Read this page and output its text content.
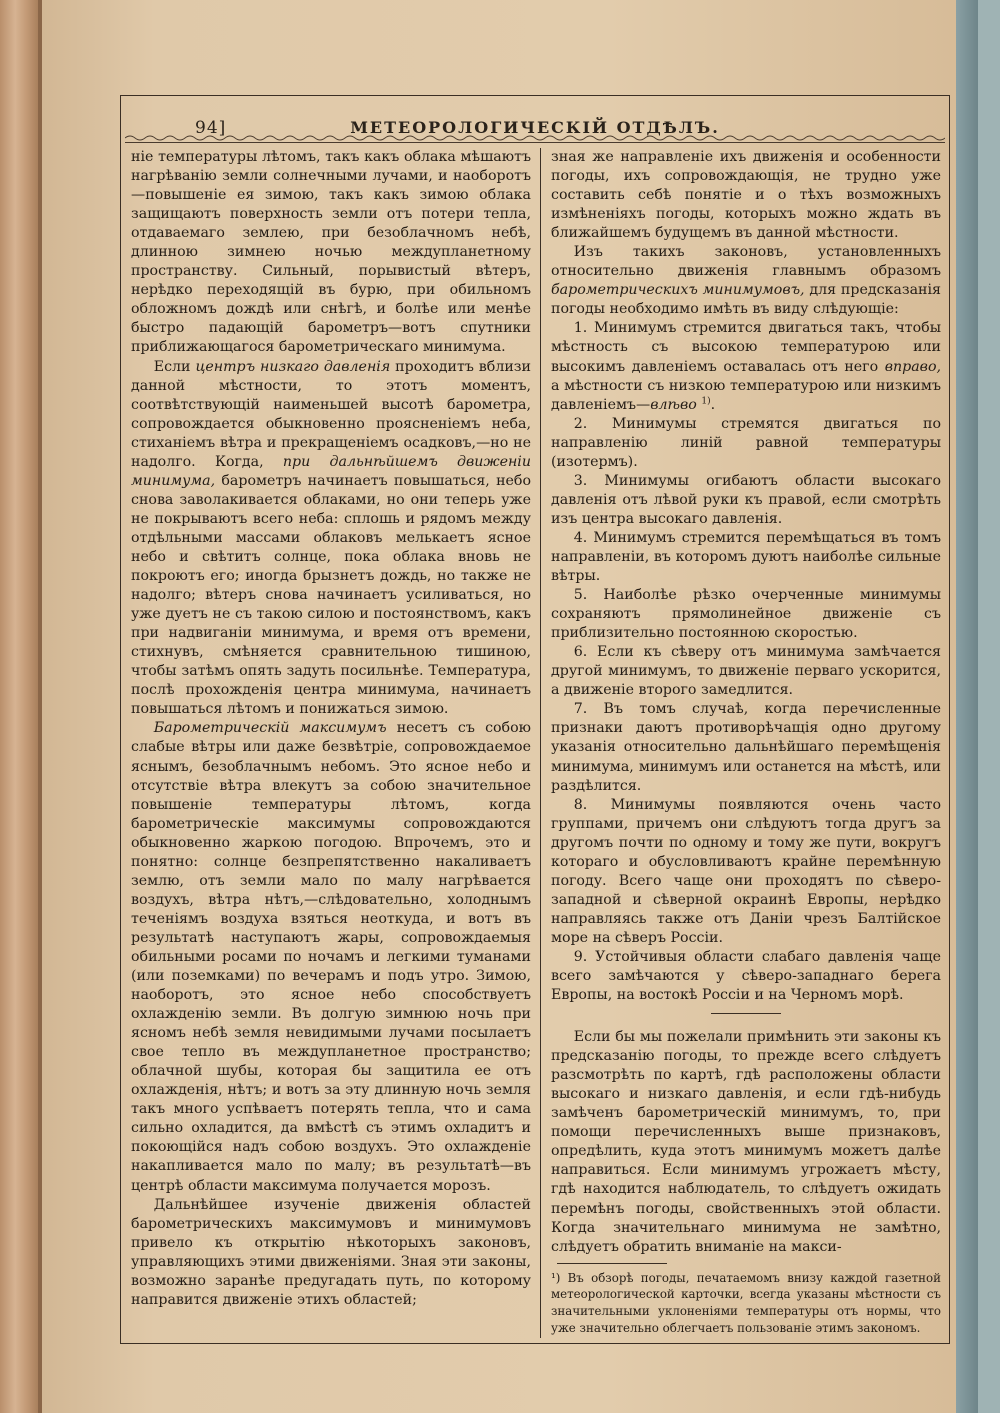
94]	МЕТЕОРОЛОГИЧЕСКІЙ ОТДѢЛЪ.

ніе температуры лѣтомъ, такъ какъ облака мѣшаютъ нагрѣванію земли солнечными лучами, и наоборотъ—повышеніе ея зимою, такъ какъ зимою облака защищаютъ поверхность земли отъ потери тепла, отдаваемаго землею, при безоблачномъ небѣ, длинною зимнею ночью междупланетному пространству. Сильный, порывистый вѣтеръ, нерѣдко переходящій въ бурю, при обильномъ обложномъ дождѣ или снѣгѣ, и болѣе или менѣе быстро падающій барометръ—вотъ спутники приближающагося барометрическаго минимума.

Если центръ низкаго давленія проходитъ вблизи данной мѣстности, то этотъ моментъ, соотвѣтствующій наименьшей высотѣ барометра, сопровождается обыкновенно проясненіемъ неба, стиханіемъ вѣтра и прекращеніемъ осадковъ,—но не надолго. Когда, при дальнѣйшемъ движеніи минимума, барометръ начинаетъ повышаться, небо снова заволакивается облаками, но они теперь уже не покрываютъ всего неба: сплошь и рядомъ между отдѣльными массами облаковъ мелькаетъ ясное небо и свѣтитъ солнце, пока облака вновь не покроютъ его; иногда брызнетъ дождь, но также не надолго; вѣтеръ снова начинаетъ усиливаться, но уже дуетъ не съ такою силою и постоянствомъ, какъ при надвиганіи минимума, и время отъ времени, стихнувъ, смѣняется сравнительною тишиною, чтобы затѣмъ опять задуть посильнѣе. Температура, послѣ прохожденія центра минимума, начинаетъ повышаться лѣтомъ и понижаться зимою.

Барометрическій максимумъ несетъ съ собою слабые вѣтры или даже безвѣтріе, сопровождаемое яснымъ, безоблачнымъ небомъ. Это ясное небо и отсутствіе вѣтра влекутъ за собою значительное повышеніе температуры лѣтомъ, когда барометрическіе максимумы сопровождаются обыкновенно жаркою погодою. Впрочемъ, это и понятно: солнце безпрепятственно накаливаетъ землю, отъ земли мало по малу нагрѣвается воздухъ, вѣтра нѣтъ,—слѣдовательно, холоднымъ теченіямъ воздуха взяться неоткуда, и вотъ въ результатѣ наступаютъ жары, сопровождаемыя обильными росами по ночамъ и легкими туманами (или поземками) по вечерамъ и подъ утро. Зимою, наоборотъ, это ясное небо способствуетъ охлажденію земли. Въ долгую зимнюю ночь при ясномъ небѣ земля невидимыми лучами посылаетъ свое тепло въ междупланетное пространство; облачной шубы, которая бы защитила ее отъ охлажденія, нѣтъ; и вотъ за эту длинную ночь земля такъ много успѣваетъ потерять тепла, что и сама сильно охладится, да вмѣстѣ съ этимъ охладитъ и покоющійся надъ собою воздухъ. Это охлажденіе накапливается мало по малу; въ результатѣ—въ центрѣ области максимума получается морозъ.

Дальнѣйшее изученіе движенія областей барометрическихъ максимумовъ и минимумовъ привело къ открытію нѣкоторыхъ законовъ, управляющихъ этими движеніями. Зная эти законы, возможно заранѣе предугадать путь, по которому направится движеніе этихъ областей;

зная же направленіе ихъ движенія и особенности погоды, ихъ сопровождающія, не трудно уже составить себѣ понятіе и о тѣхъ возможныхъ измѣненіяхъ погоды, которыхъ можно ждать въ ближайшемъ будущемъ въ данной мѣстности.

Изъ такихъ законовъ, установленныхъ относительно движенія главнымъ образомъ барометрическихъ минимумовъ, для предсказанія погоды необходимо имѣть въ виду слѣдующіе:

1. Минимумъ стремится двигаться такъ, чтобы мѣстность съ высокою температурою или высокимъ давленіемъ оставалась отъ него вправо, а мѣстности съ низкою температурою или низкимъ давленіемъ—влѣво $^{1)}$.

2. Минимумы стремятся двигаться по направленію линій равной температуры (изотермъ).

3. Минимумы огибаютъ области высокаго давленія отъ лѣвой руки къ правой, если смотрѣть изъ центра высокаго давленія.

4. Минимумъ стремится перемѣщаться въ томъ направленіи, въ которомъ дуютъ наиболѣе сильные вѣтры.

5. Наиболѣе рѣзко очерченные минимумы сохраняютъ прямолинейное движеніе съ приблизительно постоянною скоростью.

6. Если къ сѣверу отъ минимума замѣчается другой минимумъ, то движеніе перваго ускорится, а движеніе второго замедлится.

7. Въ томъ случаѣ, когда перечисленные признаки даютъ противорѣчащія одно другому указанія относительно дальнѣйшаго перемѣщенія минимума, минимумъ или останется на мѣстѣ, или раздѣлится.

8. Минимумы появляются очень часто группами, причемъ они слѣдуютъ тогда другъ за другомъ почти по одному и тому же пути, вокругъ котораго и обусловливаютъ крайне перемѣнную погоду. Всего чаще они проходятъ по сѣверо-западной и сѣверной окраинѣ Европы, нерѣдко направляясь также отъ Даніи чрезъ Балтійское море на сѣверъ Россіи.

9. Устойчивыя области слабаго давленія чаще всего замѣчаются у сѣверо-западнаго берега Европы, на востокѣ Россіи и на Черномъ морѣ.

Если бы мы пожелали примѣнить эти законы къ предсказанію погоды, то прежде всего слѣдуетъ разсмотрѣть по картѣ, гдѣ расположены области высокаго и низкаго давленія, и если гдѣ-нибудь замѣченъ барометрическій минимумъ, то, при помощи перечисленныхъ выше признаковъ, опредѣлить, куда этотъ минимумъ можетъ далѣе направиться. Если минимумъ угрожаетъ мѣсту, гдѣ находится наблюдатель, то слѣдуетъ ожидать перемѣнъ погоды, свойственныхъ этой области. Когда значительнаго минимума не замѣтно, слѣдуетъ обратить вниманіе на макси-

¹) Въ обзорѣ погоды, печатаемомъ внизу каждой газетной метеорологической карточки, всегда указаны мѣстности съ значительными уклоненіями температуры отъ нормы, что уже значительно облегчаетъ пользованіе этимъ закономъ.
